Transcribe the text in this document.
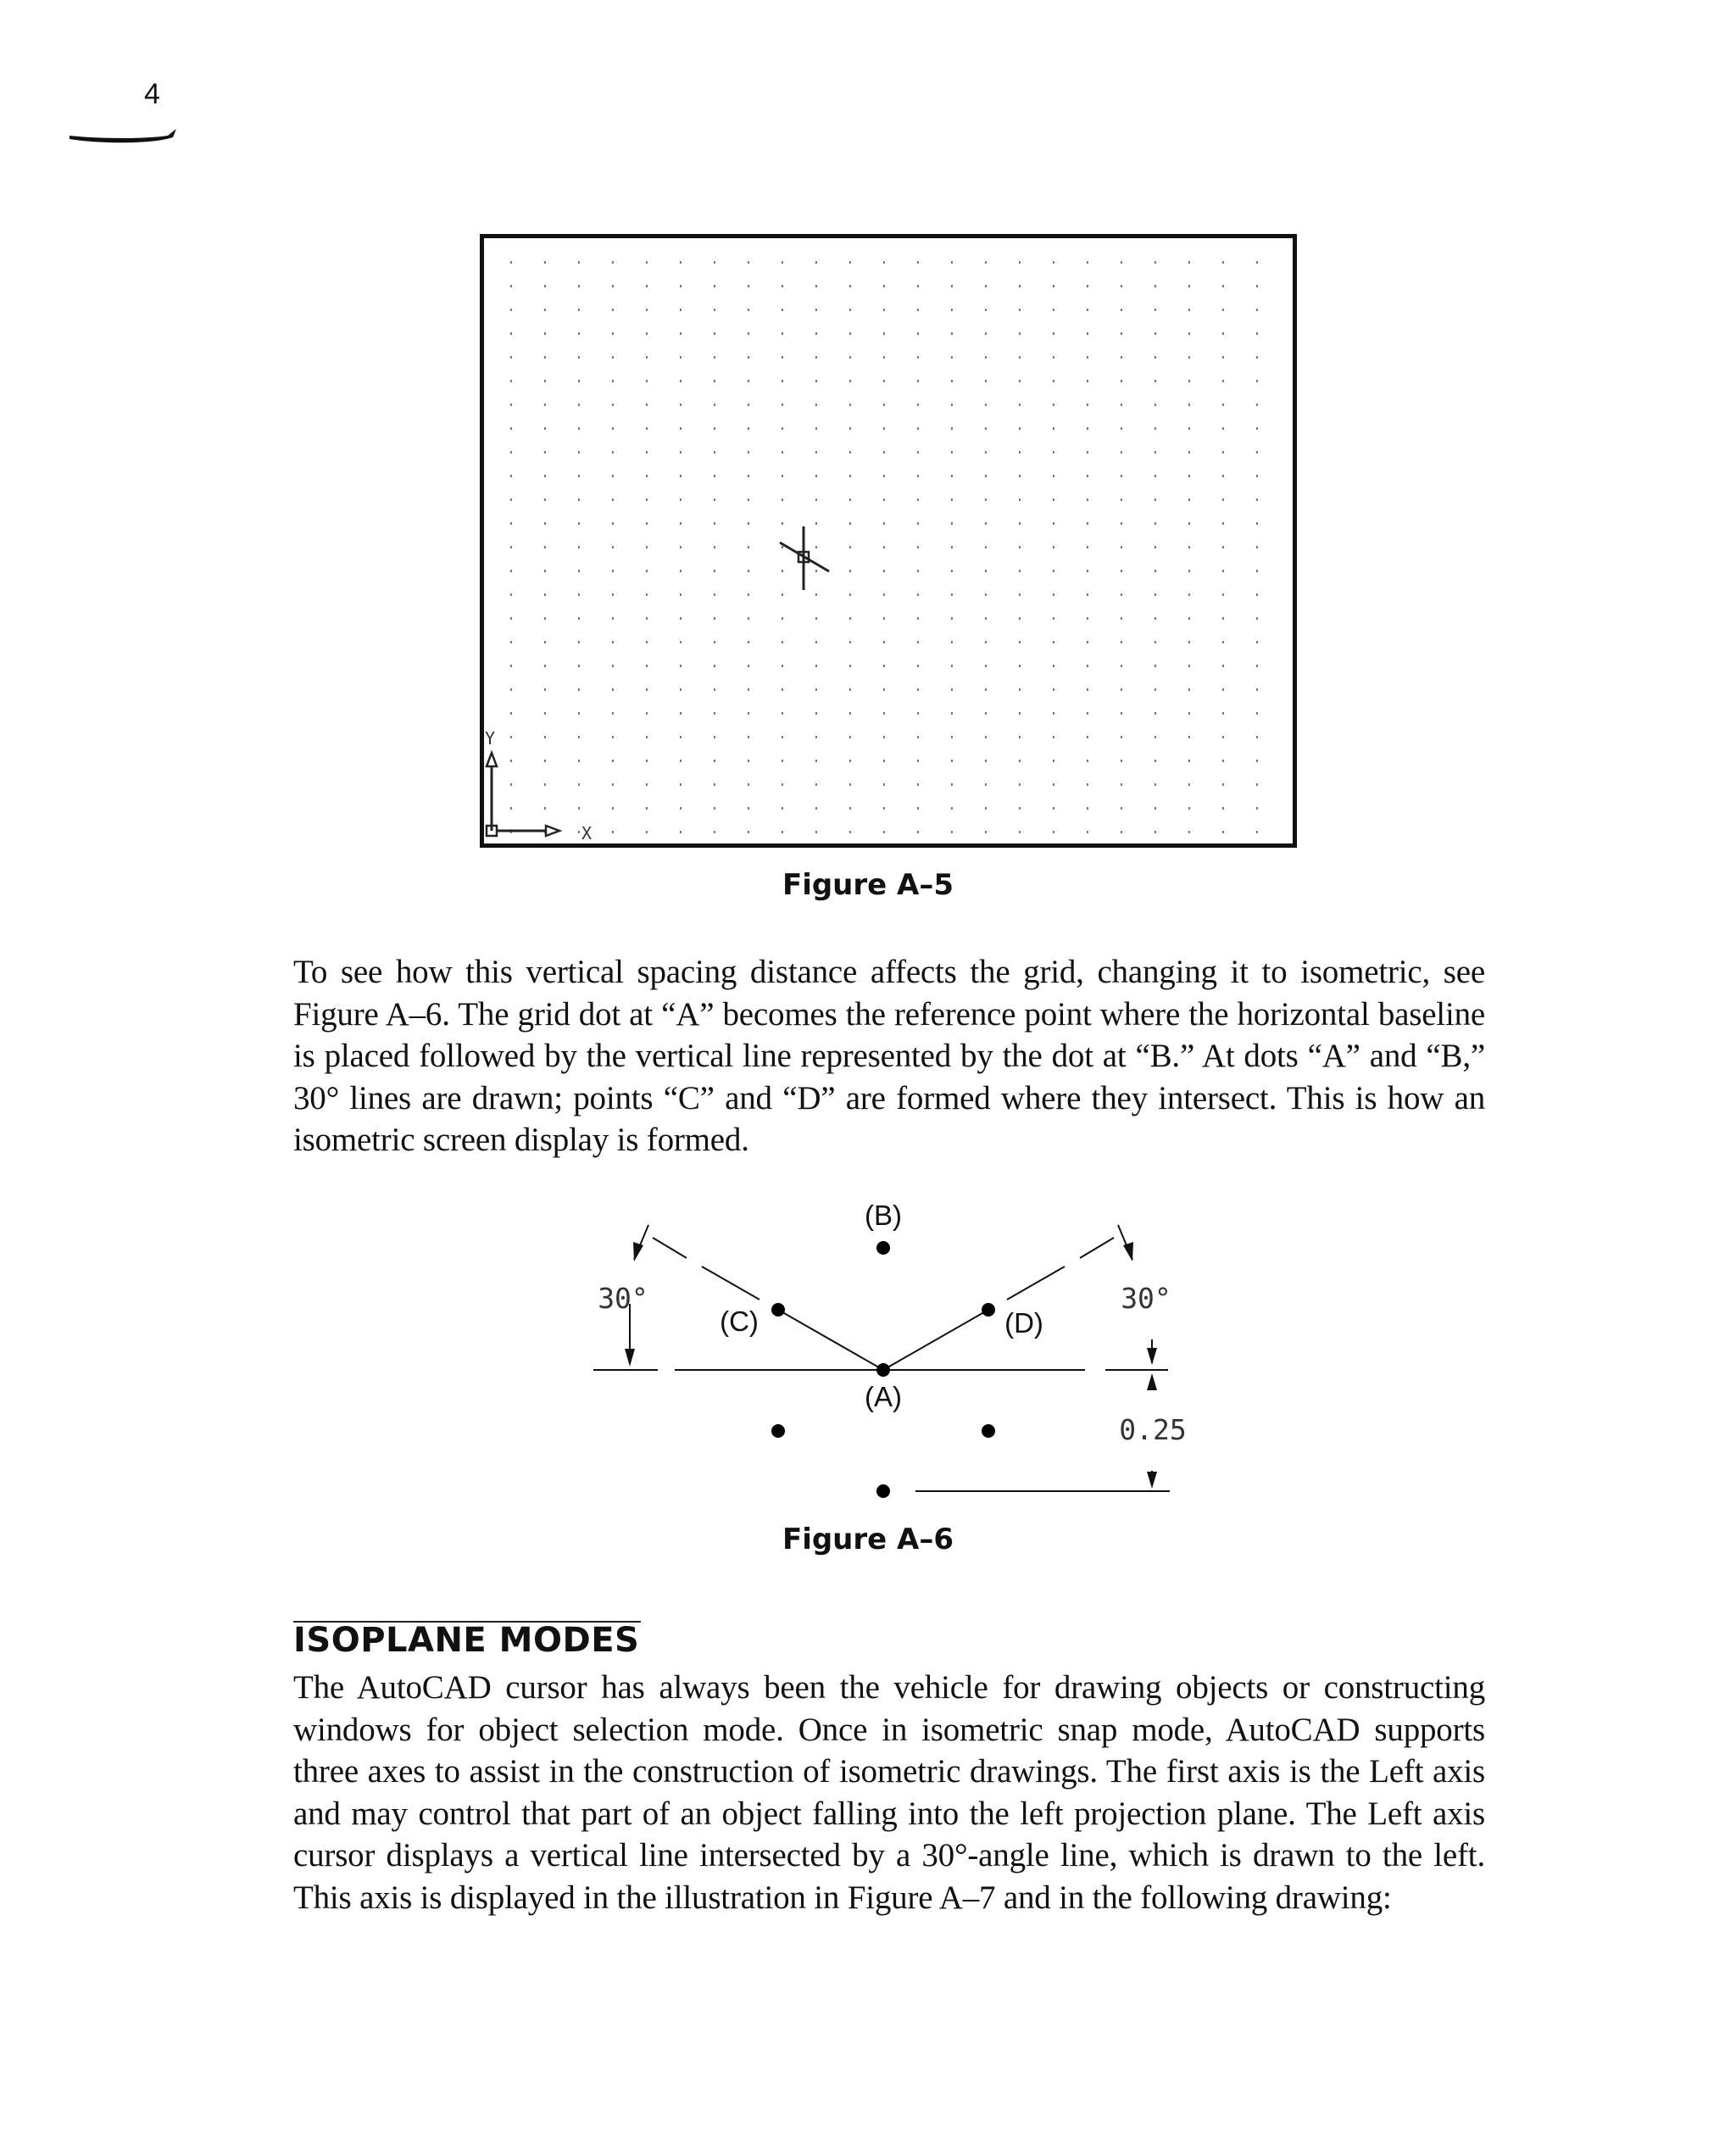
4

Y
X

Figure A–5

To see how this vertical spacing distance affects the grid, changing it to isometric, see Figure A–6. The grid dot at “A” becomes the reference point where the horizontal baseline is placed followed by the vertical line represented by the dot at “B.” At dots “A” and “B,” 30° lines are drawn; points “C” and “D” are formed where they intersect. This is how an isometric screen display is formed.

(B)
(C)	(D)
(A)
30°	30°
0.25

Figure A–6

ISOPLANE MODES

The AutoCAD cursor has always been the vehicle for drawing objects or constructing windows for object selection mode. Once in isometric snap mode, AutoCAD supports three axes to assist in the construction of isometric drawings. The first axis is the Left axis and may control that part of an object falling into the left projection plane. The Left axis cursor displays a vertical line intersected by a 30°-angle line, which is drawn to the left. This axis is displayed in the illustration in Figure A–7 and in the following drawing:
